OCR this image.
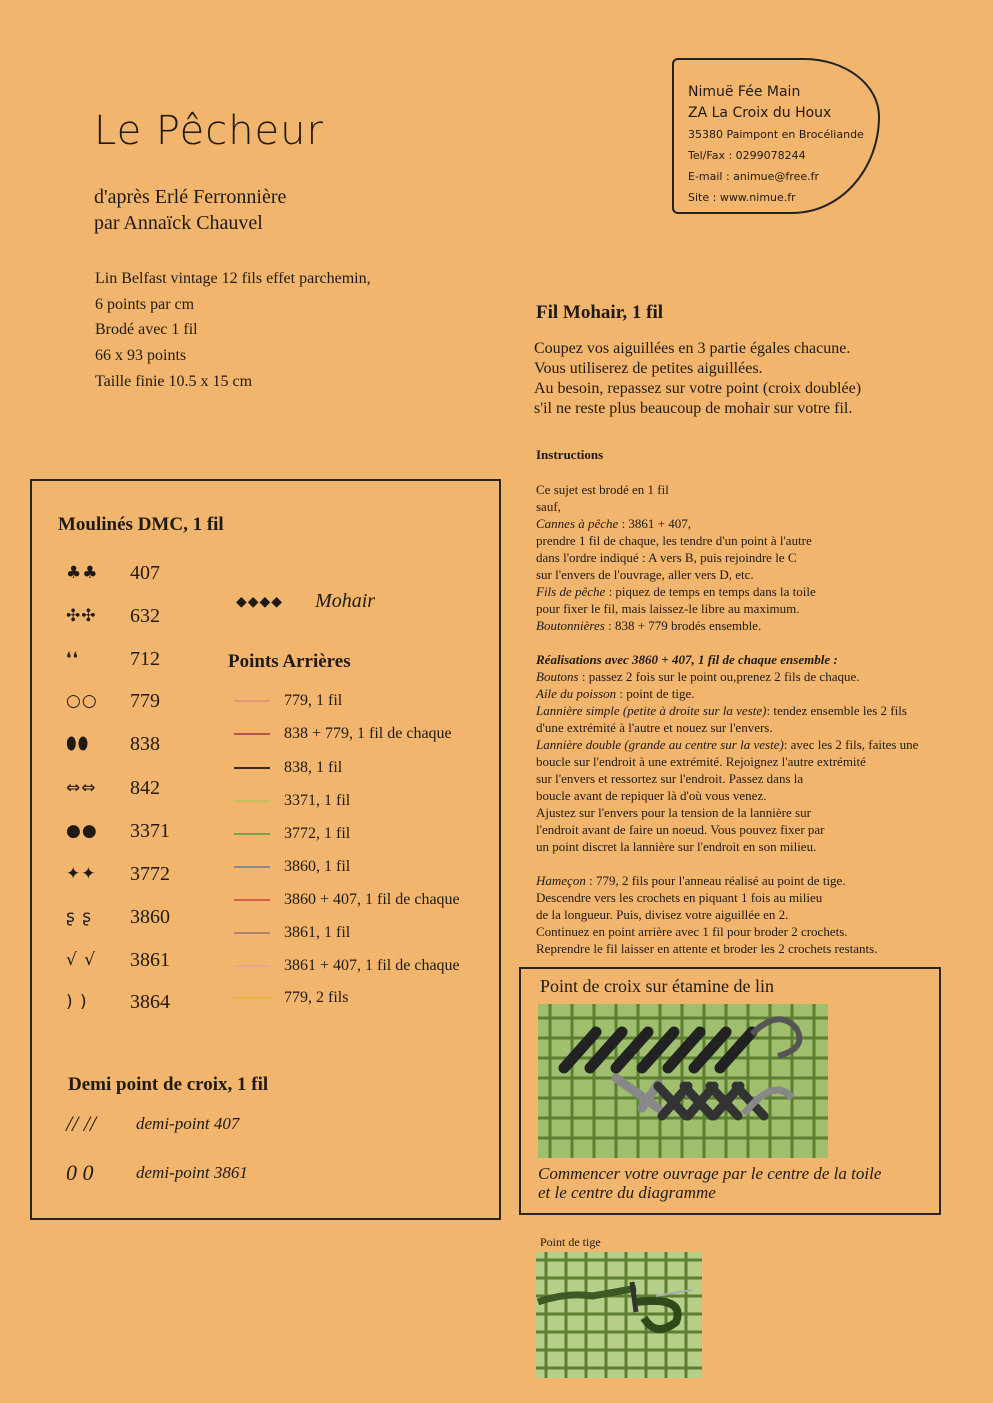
Le Pêcheur
d'après Erlé Ferronnière
par Annaïck Chauvel
Lin Belfast vintage 12 fils effet parchemin,
6 points par cm
Brodé avec 1 fil
66 x 93 points
Taille finie 10.5 x 15 cm
Nimuë Fée Main
ZA La Croix du Houx
35380 Paimpont en Brocéliande
Tel/Fax : 0299078244
E-mail : animue@free.fr
Site : www.nimue.fr
Fil Mohair, 1 fil
Coupez vos aiguillées en 3 partie égales chacune.
Vous utiliserez de petites aiguillées.
Au besoin, repassez sur votre point (croix doublée)
s'il ne reste plus beaucoup de mohair sur votre fil.
Instructions
Ce sujet est brodé en 1 fil
sauf,
Cannes à pêche : 3861 + 407,
prendre 1 fil de chaque, les tendre d'un point à l'autre
dans l'ordre indiqué : A vers B, puis rejoindre le C
sur l'envers de l'ouvrage, aller vers D, etc.
Fils de pêche : piquez de temps en temps dans la toile
pour fixer le fil, mais laissez-le libre au maximum.
Boutonnières : 838 + 779 brodés ensemble.
Réalisations avec 3860 + 407, 1 fil de chaque ensemble :
Boutons : passez 2 fois sur le point ou,prenez 2 fils de chaque.
Aile du poisson : point de tige.
Lannière simple (petite à droite sur la veste): tendez ensemble les 2 fils
d'une extrémité à l'autre et nouez sur l'envers.
Lannière double (grande au centre sur la veste): avec les 2 fils, faites une
boucle sur l'endroit à une extrémité. Rejoignez l'autre extrémité
sur l'envers et ressortez sur l'endroit. Passez dans la
boucle avant de repiquer là d'où vous venez.
Ajustez sur l'envers pour la tension de la lannière sur
l'endroit avant de faire un noeud. Vous pouvez fixer par
un point discret la lannière sur l'endroit en son milieu.
Hameçon : 779, 2 fils pour l'anneau réalisé au point de tige.
Descendre vers les crochets en piquant 1 fois au milieu
de la longueur. Puis, divisez votre aiguillée en 2.
Continuez en point arrière avec 1 fil pour broder 2 crochets.
Reprendre le fil laisser en attente et broder les 2 crochets restants.
Moulinés DMC, 1 fil
♣♣	407
✣✣	632
❛❛	712
○○	779
⬮⬮	838
⇔⇔	842
●●	3371
✦✦	3772
ʂ ʂ	3860
√ √	3861
) )	3864
◆◆◆◆ Mohair
Points Arrières
779, 1 fil
838 + 779, 1 fil de chaque
838, 1 fil
3371, 1 fil
3772, 1 fil
3860, 1 fil
3860 + 407, 1 fil de chaque
3861, 1 fil
3861 + 407, 1 fil de chaque
779, 2 fils
Demi point de croix, 1 fil
// //	demi-point 407
0 0	demi-point 3861
Point de croix sur étamine de lin
Commencer votre ouvrage par le centre de la toile
et le centre du diagramme
Point de tige
